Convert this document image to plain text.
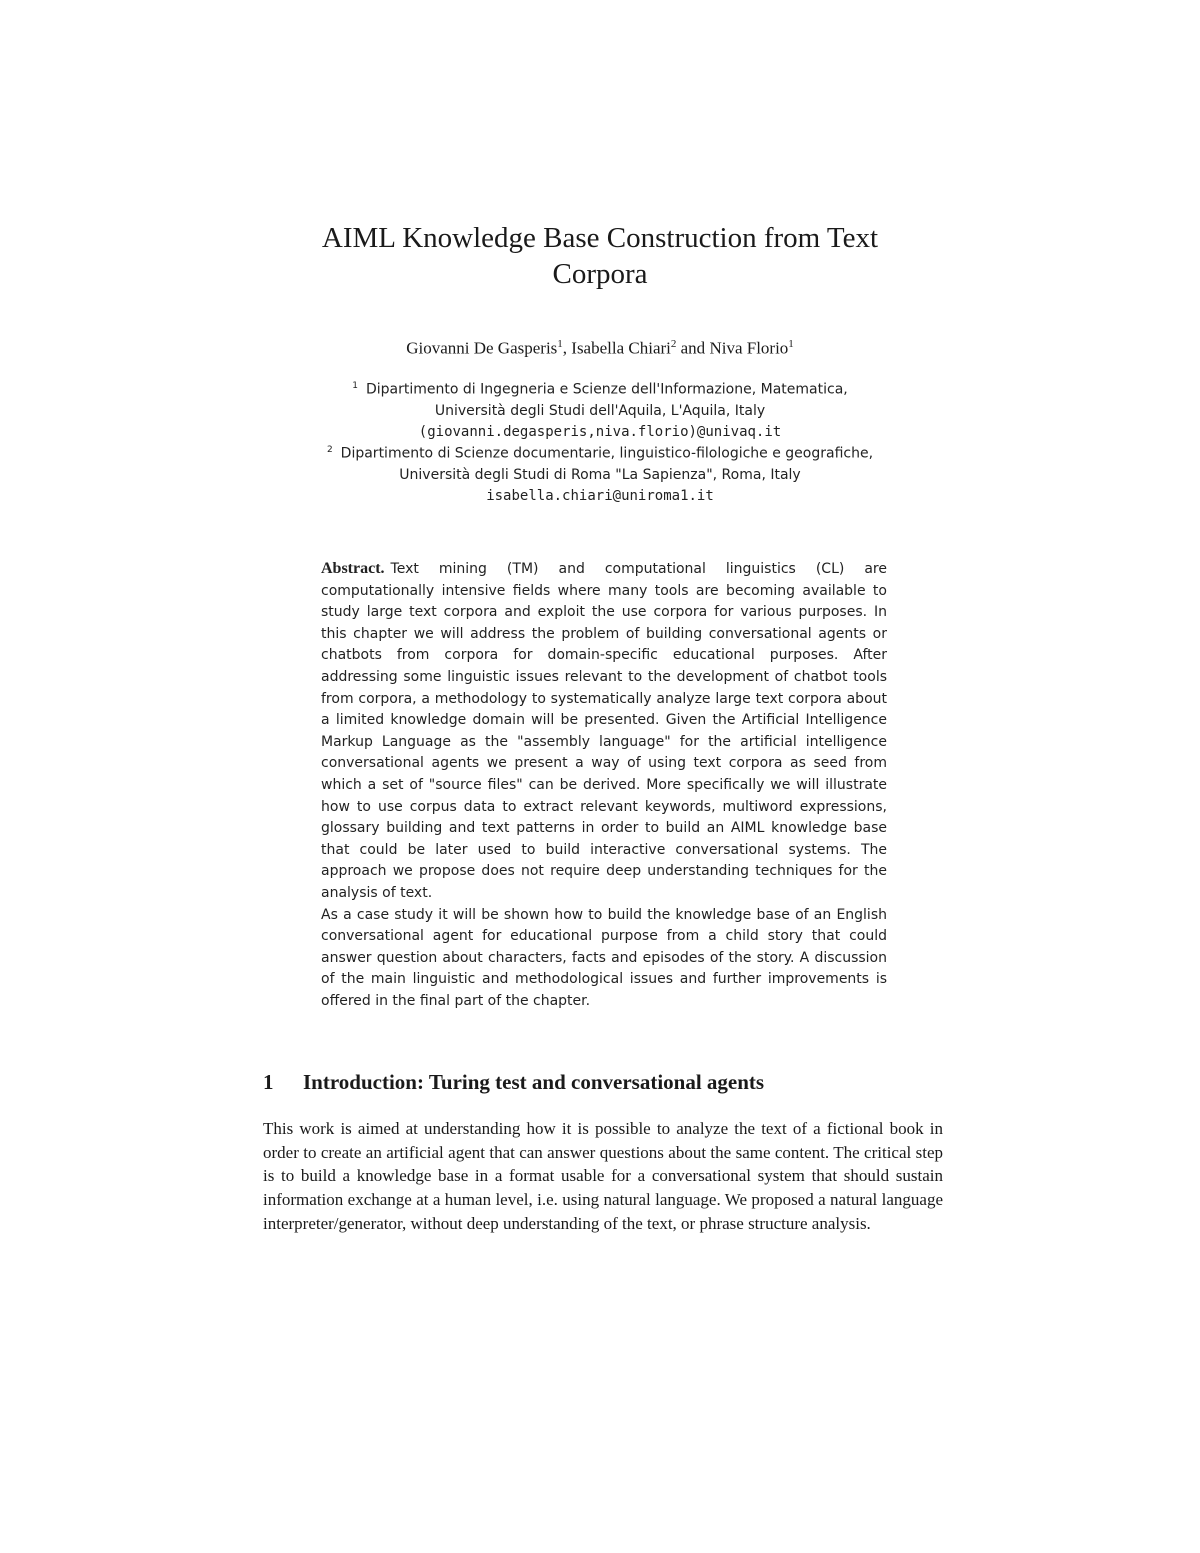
AIML Knowledge Base Construction from Text
Corpora
Giovanni De Gasperis$^1$, Isabella Chiari$^2$ and Niva Florio$^1$
$^1$ Dipartimento di Ingegneria e Scienze dell'Informazione, Matematica,
Università degli Studi dell'Aquila, L'Aquila, Italy
(giovanni.degasperis,niva.florio)@univaq.it
$^2$ Dipartimento di Scienze documentarie, linguistico-filologiche e geografiche,
Università degli Studi di Roma "La Sapienza", Roma, Italy
isabella.chiari@uniroma1.it

Abstract. Text mining (TM) and computational linguistics (CL) are computationally intensive fields where many tools are becoming available to study large text corpora and exploit the use corpora for various purposes. In this chapter we will address the problem of building conversational agents or chatbots from corpora for domain-specific educational purposes. After addressing some linguistic issues relevant to the development of chatbot tools from corpora, a methodology to systematically analyze large text corpora about a limited knowledge domain will be presented. Given the Artificial Intelligence Markup Language as the "assembly language" for the artificial intelligence conversational agents we present a way of using text corpora as seed from which a set of "source files" can be derived. More specifically we will illustrate how to use corpus data to extract relevant keywords, multiword expressions, glossary building and text patterns in order to build an AIML knowledge base that could be later used to build interactive conversational systems. The approach we propose does not require deep understanding techniques for the analysis of text.

As a case study it will be shown how to build the knowledge base of an English conversational agent for educational purpose from a child story that could answer question about characters, facts and episodes of the story. A discussion of the main linguistic and methodological issues and further improvements is offered in the final part of the chapter.

1 Introduction: Turing test and conversational agents

This work is aimed at understanding how it is possible to analyze the text of a fictional book in order to create an artificial agent that can answer questions about the same content. The critical step is to build a knowledge base in a format usable for a conversational system that should sustain information exchange at a human level, i.e. using natural language. We proposed a natural language interpreter/generator, without deep understanding of the text, or phrase structure analysis.
